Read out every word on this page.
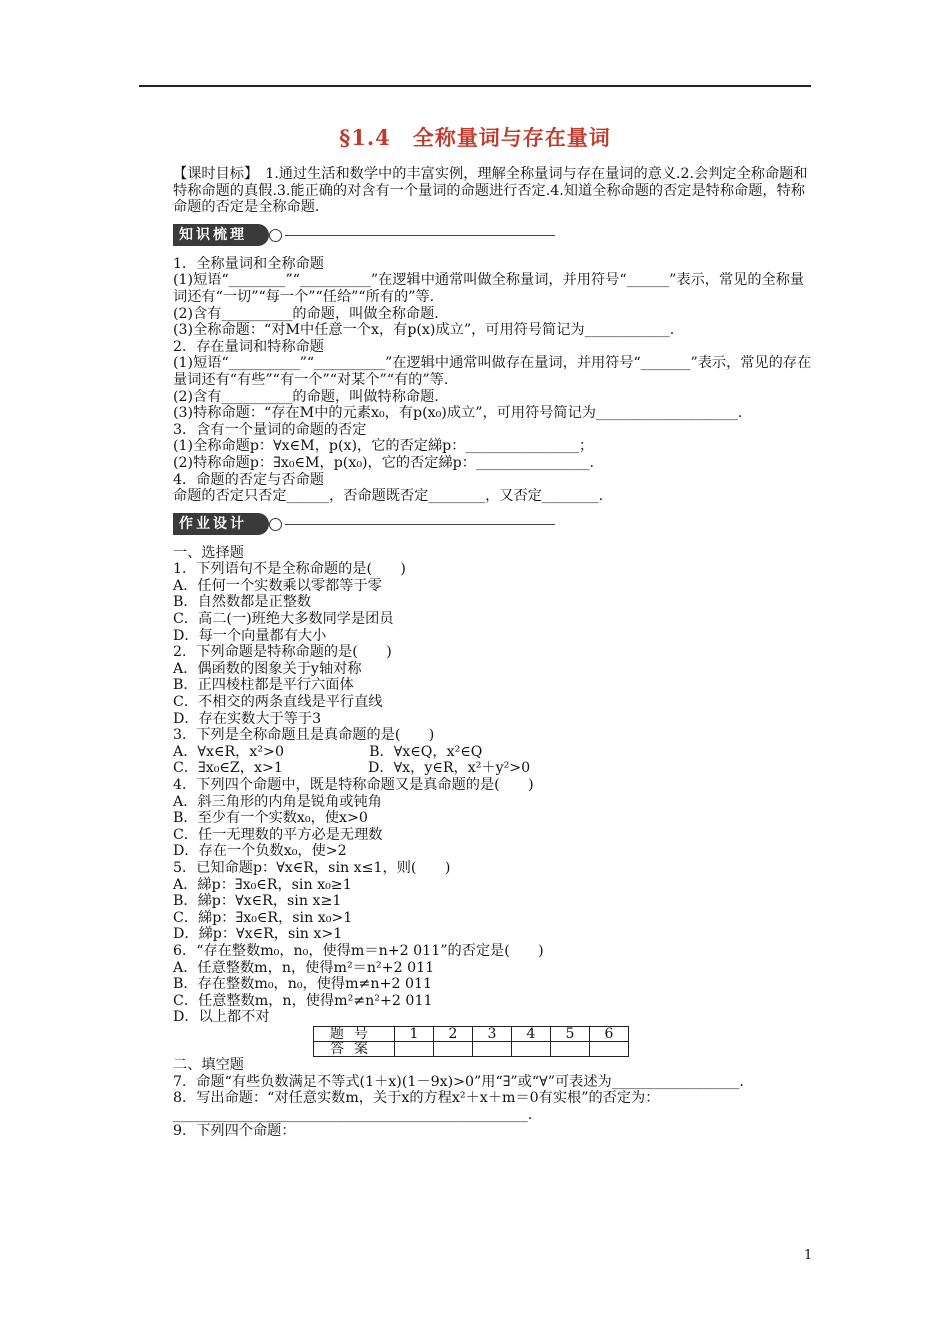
§1.4　全称量词与存在量词

【课时目标】　1.通过生活和数学中的丰富实例，理解全称量词与存在量词的意义.2.会判定全称命题和特称命题的真假.3.能正确的对含有一个量词的命题进行否定.4.知道全称命题的否定是特称命题，特称命题的否定是全称命题.

知识梳理

1．全称量词和全称命题

(1)短语“________”“__________”在逻辑中通常叫做全称量词，并用符号“______”表示，常见的全称量词还有“一切”“每一个”“任给”“所有的”等.

(2)含有__________的命题，叫做全称命题.

(3)全称命题：“对M中任意一个x，有p(x)成立”，可用符号简记为____________.

2．存在量词和特称命题

(1)短语“__________”“__________”在逻辑中通常叫做存在量词，并用符号“_______”表示，常见的存在量词还有“有些”“有一个”“对某个”“有的”等.

(2)含有__________的命题，叫做特称命题.

(3)特称命题：“存在M中的元素x₀，有p(x₀)成立”，可用符号简记为____________________.

3．含有一个量词的命题的否定

(1)全称命题p：∀x∈M，p(x)，它的否定綈p：________________；

(2)特称命题p：∃x₀∈M，p(x₀)，它的否定綈p：________________.

4．命题的否定与否命题

命题的否定只否定______，否命题既否定________，又否定________.

作业设计

一、选择题

1．下列语句不是全称命题的是(　　)

A．任何一个实数乘以零都等于零

B．自然数都是正整数

C．高二(一)班绝大多数同学是团员

D．每一个向量都有大小

2．下列命题是特称命题的是(　　)

A．偶函数的图象关于y轴对称

B．正四棱柱都是平行六面体

C．不相交的两条直线是平行直线

D．存在实数大于等于3

3．下列是全称命题且是真命题的是(　　)

A．∀x∈R，x²>0　　　　　　B．∀x∈Q，x²∈Q

C．∃x₀∈Z，x>1　　　　　　D．∀x，y∈R，x²＋y²>0

4．下列四个命题中，既是特称命题又是真命题的是(　　)

A．斜三角形的内角是锐角或钝角

B．至少有一个实数x₀，使x>0

C．任一无理数的平方必是无理数

D．存在一个负数x₀，使>2

5．已知命题p：∀x∈R，sin x≤1，则(　　)

A．綈p：∃x₀∈R，sin x₀≥1

B．綈p：∀x∈R，sin x≥1

C．綈p：∃x₀∈R，sin x₀>1

D．綈p：∀x∈R，sin x>1

6．“存在整数m₀，n₀，使得m＝n+2 011”的否定是(　　)

A．任意整数m，n，使得m²＝n²+2 011

B．存在整数m₀，n₀，使得m≠n+2 011

C．任意整数m，n，使得m²≠n²+2 011

D．以上都不对

题号	1	2	3	4	5	6
答案						

二、填空题

7．命题“有些负数满足不等式(1＋x)(1－9x)>0”用“∃”或“∀”可表述为__________________.

8．写出命题：“对任意实数m，关于x的方程x²＋x＋m＝0有实根”的否定为：__________________________________________________.

9．下列四个命题：

1
